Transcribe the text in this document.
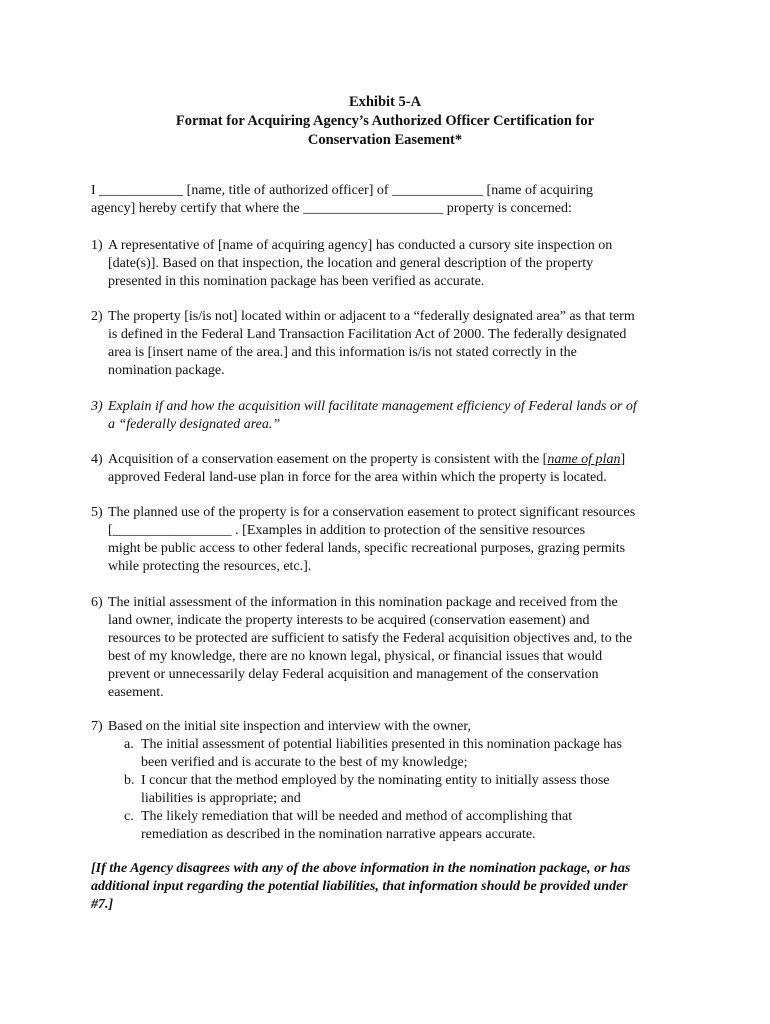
Exhibit 5-A
Format for Acquiring Agency’s Authorized Officer Certification for
Conservation Easement*
I ____________ [name, title of authorized officer] of _____________ [name of acquiring
agency] hereby certify that where the ____________________ property is concerned:
1) A representative of [name of acquiring agency] has conducted a cursory site inspection on
[date(s)]. Based on that inspection, the location and general description of the property
presented in this nomination package has been verified as accurate.
2) The property [is/is not] located within or adjacent to a “federally designated area” as that term
is defined in the Federal Land Transaction Facilitation Act of 2000. The federally designated
area is [insert name of the area.] and this information is/is not stated correctly in the
nomination package.
3) Explain if and how the acquisition will facilitate management efficiency of Federal lands or of
a “federally designated area.”
4) Acquisition of a conservation easement on the property is consistent with the [name of plan]
approved Federal land-use plan in force for the area within which the property is located.
5) The planned use of the property is for a conservation easement to protect significant resources
[_________________ . [Examples in addition to protection of the sensitive resources
might be public access to other federal lands, specific recreational purposes, grazing permits
while protecting the resources, etc.].
6) The initial assessment of the information in this nomination package and received from the
land owner, indicate the property interests to be acquired (conservation easement) and
resources to be protected are sufficient to satisfy the Federal acquisition objectives and, to the
best of my knowledge, there are no known legal, physical, or financial issues that would
prevent or unnecessarily delay Federal acquisition and management of the conservation
easement.
7) Based on the initial site inspection and interview with the owner,
a. The initial assessment of potential liabilities presented in this nomination package has
been verified and is accurate to the best of my knowledge;
b. I concur that the method employed by the nominating entity to initially assess those
liabilities is appropriate; and
c. The likely remediation that will be needed and method of accomplishing that
remediation as described in the nomination narrative appears accurate.
[If the Agency disagrees with any of the above information in the nomination package, or has
additional input regarding the potential liabilities, that information should be provided under
#7.]
